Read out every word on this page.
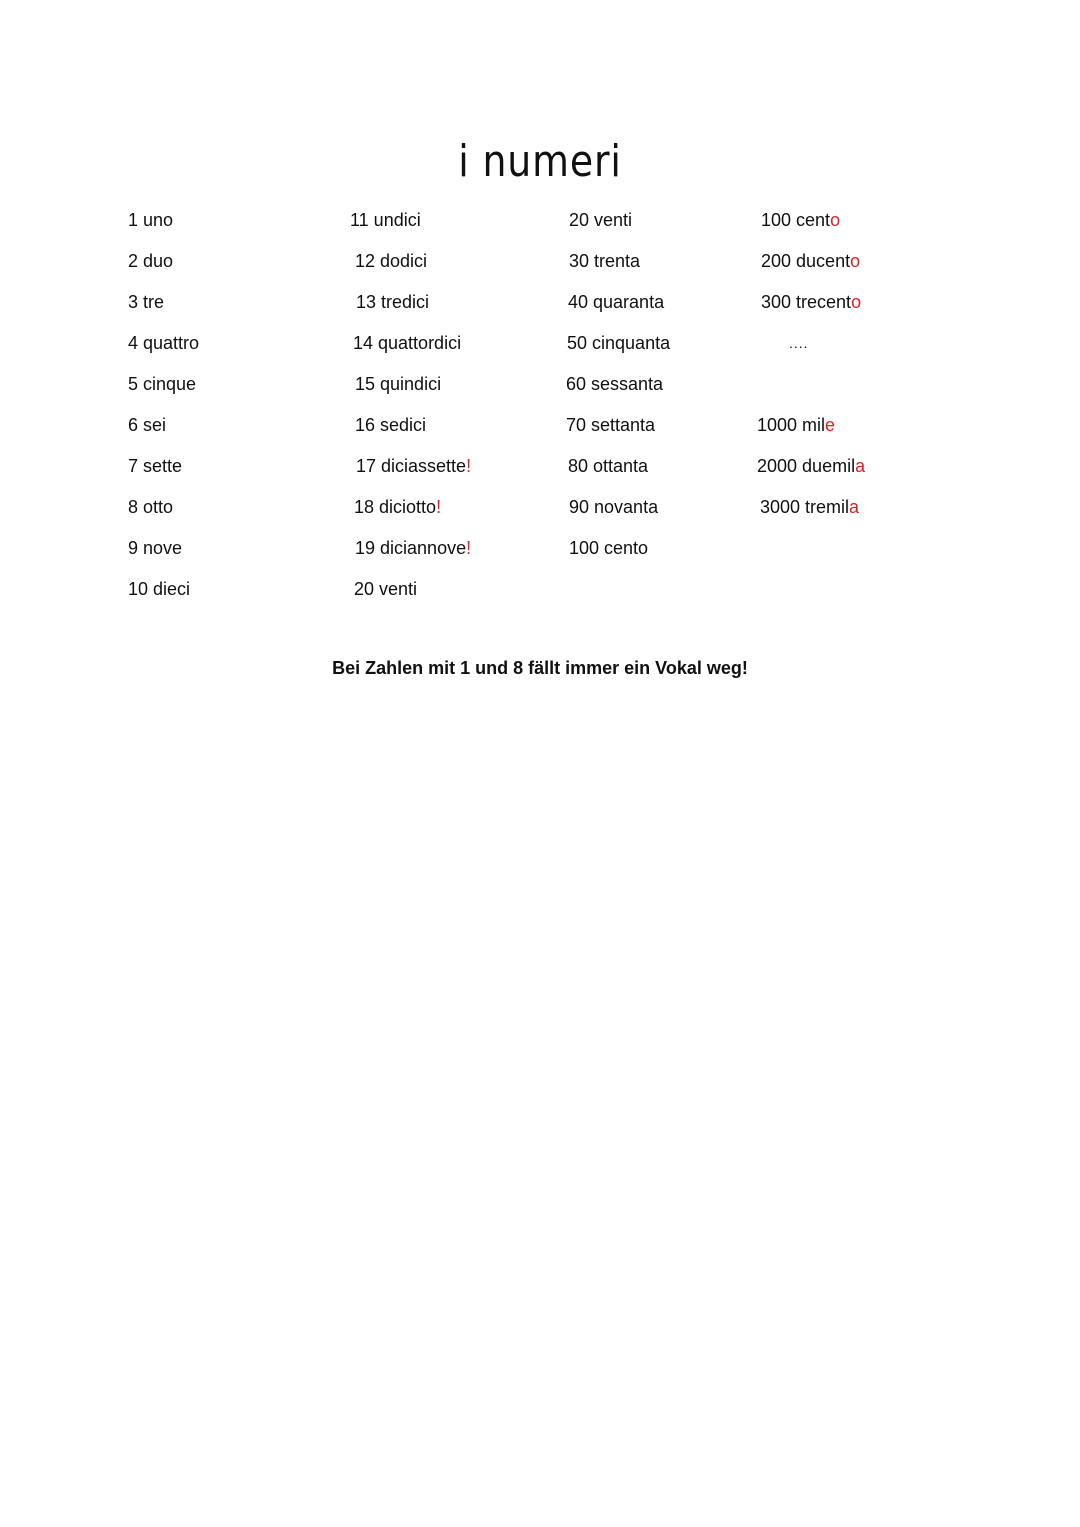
i numeri
1 uno
2 duo
3 tre
4 quattro
5 cinque
6 sei
7 sette
8 otto
9 nove
10 dieci
11 undici
12 dodici
13 tredici
14 quattordici
15 quindici
16 sedici
17 diciassette!
18 diciotto!
19 diciannove!
20 venti
20 venti
30 trenta
40 quaranta
50 cinquanta
60 sessanta
70 settanta
80 ottanta
90 novanta
100 cento
100 cento
200 ducento
300 trecento
....
1000 mile
2000 duemila
3000 tremila
Bei Zahlen mit 1 und 8 fällt immer ein Vokal weg!
